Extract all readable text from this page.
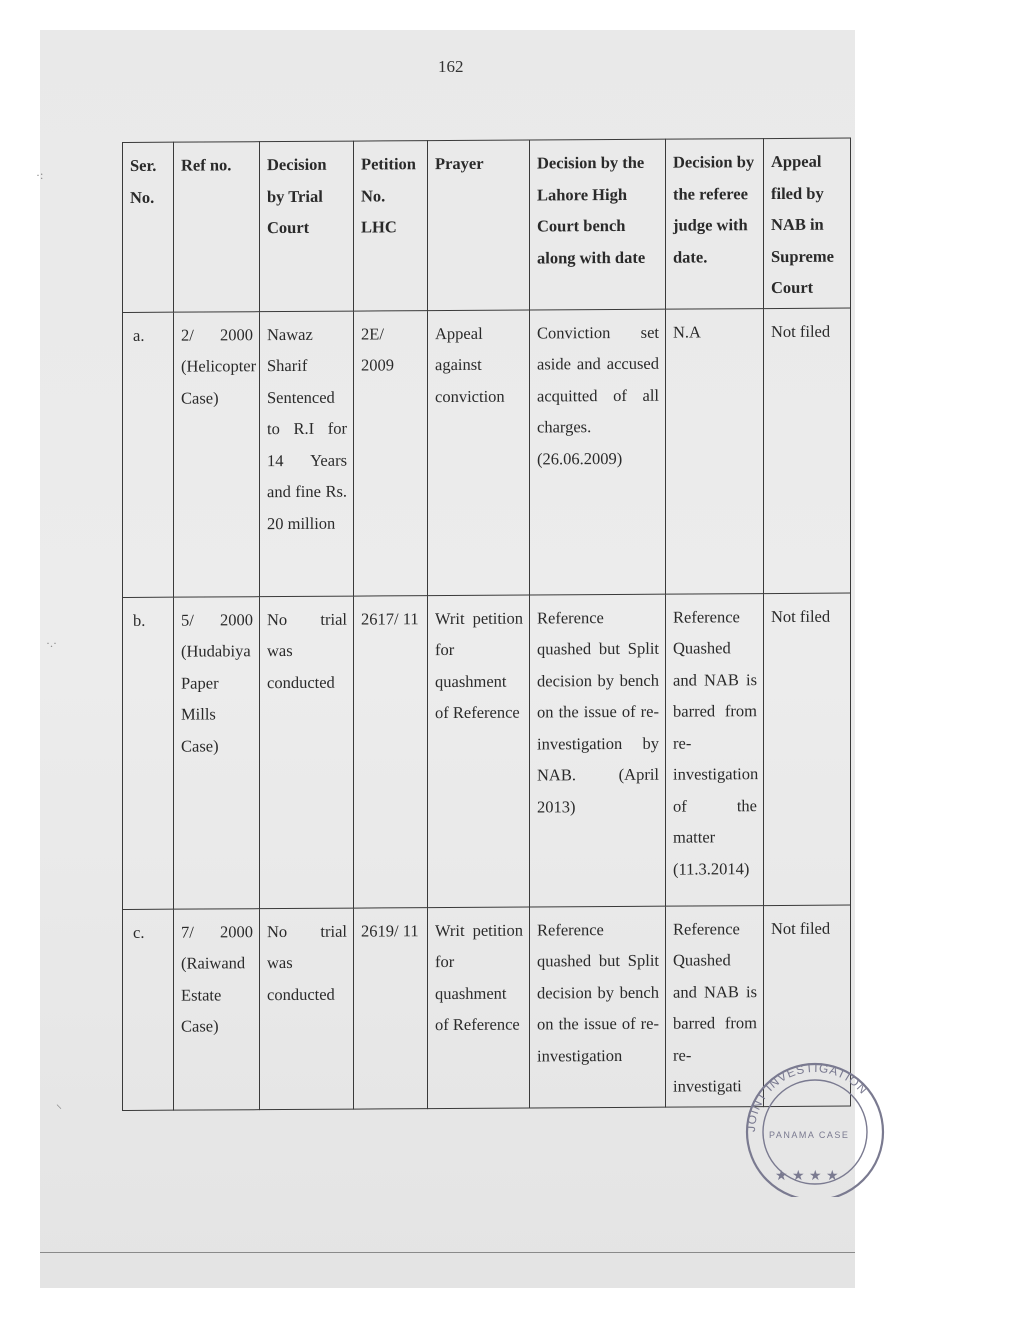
162
·:
·.·
⸌
Ser. No.	Ref no.	Decision by Trial Court	Petition No. LHC	Prayer	Decision by the Lahore High Court bench along with date	Decision by the referee judge with date.	Appeal filed by NAB in Supreme Court
a.	2/ 2000 (Helicopter Case)	Nawaz Sharif Sentenced to R.I for 14 Years and fine Rs. 20 million	2E/ 2009	Appeal against conviction	Conviction set aside and accused acquitted of all charges. (26.06.2009)	N.A	Not filed
b.	5/ 2000 (Hudabiya Paper Mills Case)	No trial was conducted	2617/ 11	Writ petition for quashment of Reference	Reference quashed but Split decision by bench on the issue of re-investigation by NAB. (April 2013)	Reference Quashed and NAB is barred from re-investigation of the matter (11.3.2014)	Not filed
c.	7/ 2000 (Raiwand Estate Case)	No trial was conducted	2619/ 11	Writ petition for quashment of Reference	Reference quashed but Split decision by bench on the issue of re-investigation	Reference Quashed and NAB is barred from re-investigati	Not filed
JOINT INVESTIGATION
PANAMA CASE
★ ★ ★ ★
